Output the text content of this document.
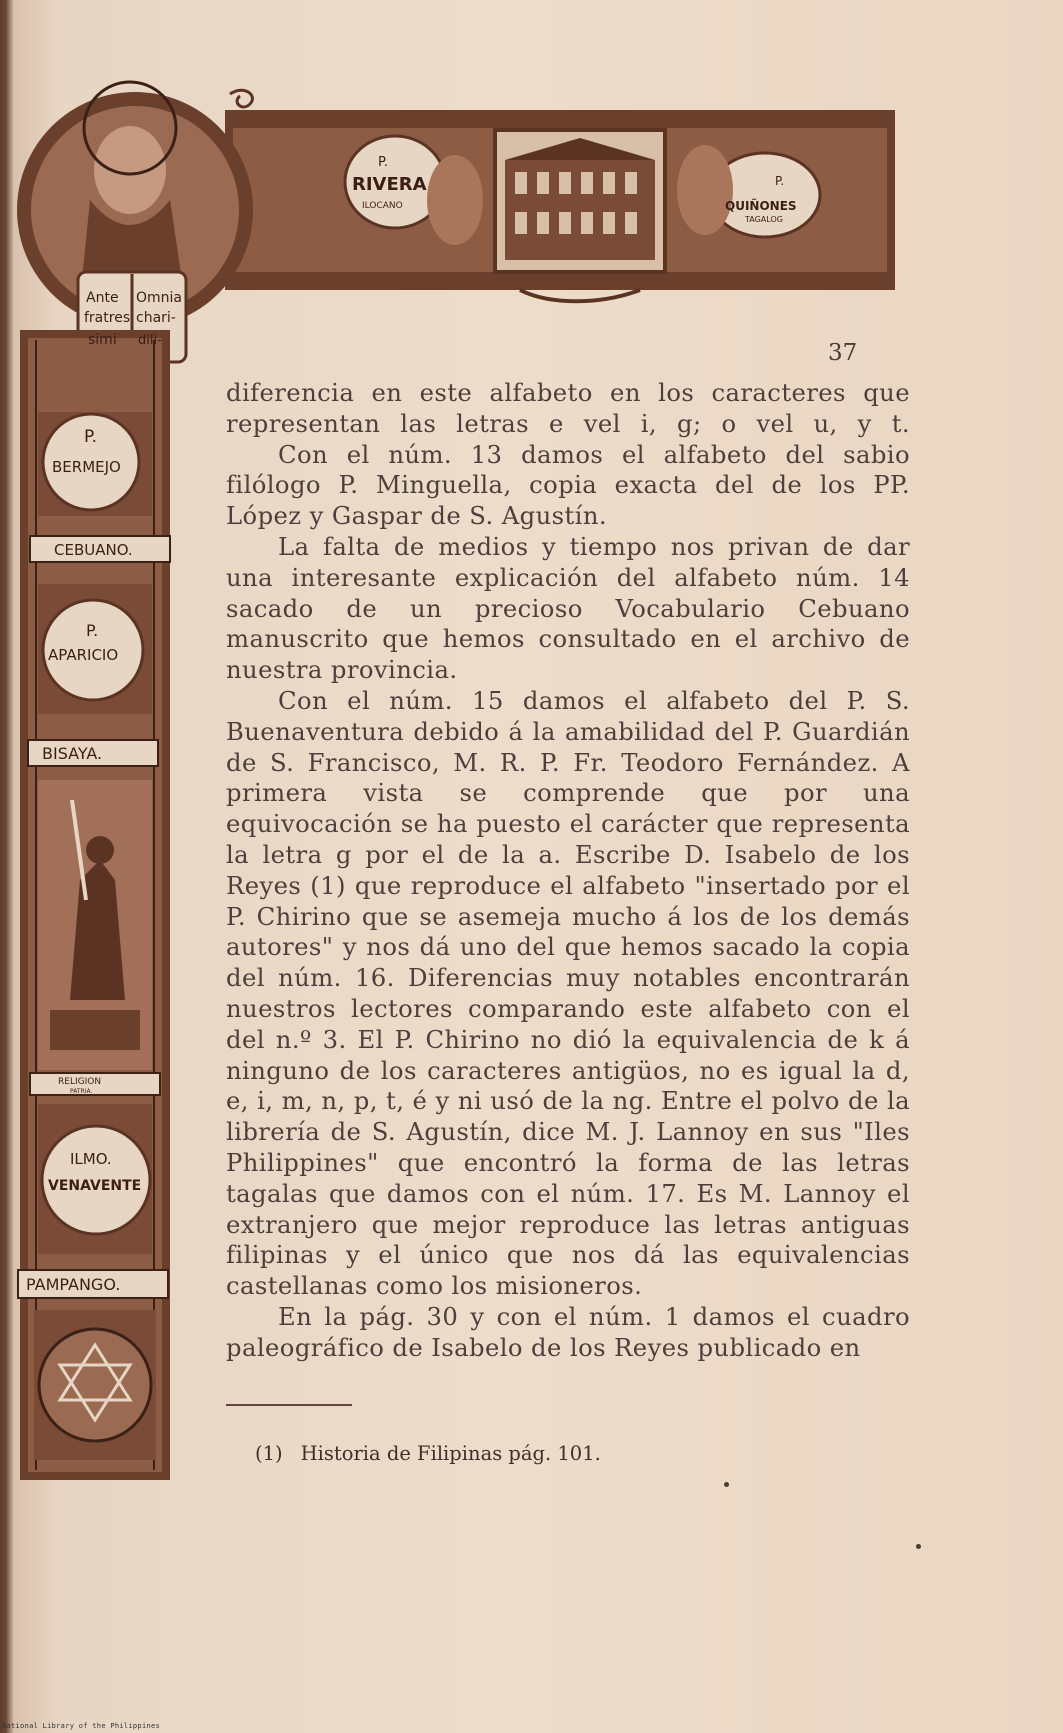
P.
RIVERA
ILOCANO
P.
QUIÑONES
TAGALOG
Ante Omnia
fratres chari-
simi dili-
P.
BERMEJO
CEBUANO.
P.
APARICIO
BISAYA.
RELIGION
PATRIA.
ILMO.
VENAVENTE
PAMPANGO.
37

diferencia en este alfabeto en los caracteres que representan las letras e vel i, g; o vel u, y t.

Con el núm. 13 damos el alfabeto del sabio filólogo P. Minguella, copia exacta del de los PP. López y Gaspar de S. Agustín.

La falta de medios y tiempo nos privan de dar una interesante explicación del alfabeto núm. 14 sacado de un precioso Vocabulario Cebuano manuscrito que hemos consultado en el archivo de nuestra provincia.

Con el núm. 15 damos el alfabeto del P. S. Buenaventura debido á la amabilidad del P. Guardián de S. Francisco, M. R. P. Fr. Teodoro Fernández. A primera vista se comprende que por una equivocación se ha puesto el carácter que representa la letra g por el de la a. Escribe D. Isabelo de los Reyes (1) que reproduce el alfabeto "insertado por el P. Chirino que se asemeja mucho á los de los demás autores" y nos dá uno del que hemos sacado la copia del núm. 16. Diferencias muy notables encontrarán nuestros lectores comparando este alfabeto con el del n.º 3. El P. Chirino no dió la equivalencia de k á ninguno de los caracteres antigüos, no es igual la d, e, i, m, n, p, t, é y ni usó de la ng. Entre el polvo de la librería de S. Agustín, dice M. J. Lannoy en sus "Iles Philippines" que encontró la forma de las letras tagalas que damos con el núm. 17. Es M. Lannoy el extranjero que mejor reproduce las letras antiguas filipinas y el único que nos dá las equivalencias castellanas como los misioneros.

En la pág. 30 y con el núm. 1 damos el cuadro paleográfico de Isabelo de los Reyes publicado en

(1) Historia de Filipinas pág. 101.
National Library of the Philippines
